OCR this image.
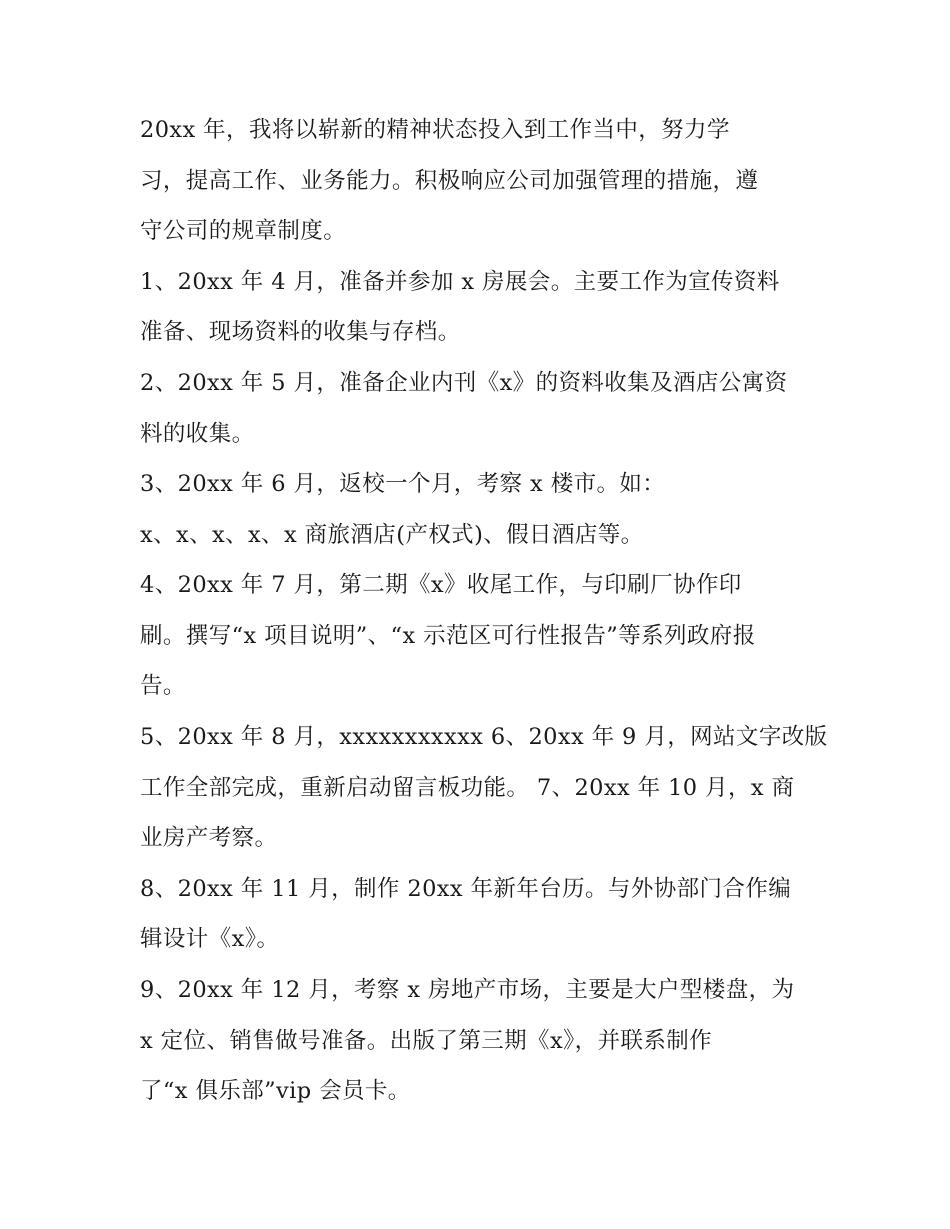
20xx 年，我将以崭新的精神状态投入到工作当中，努力学
习，提高工作、业务能力。积极响应公司加强管理的措施，遵
守公司的规章制度。
1、20xx 年 4 月，准备并参加 x 房展会。主要工作为宣传资料
准备、现场资料的收集与存档。
2、20xx 年 5 月，准备企业内刊《x》的资料收集及酒店公寓资
料的收集。
3、20xx 年 6 月，返校一个月，考察 x 楼市。如：
x、x、x、x、x 商旅酒店(产权式)、假日酒店等。
4、20xx 年 7 月，第二期《x》收尾工作，与印刷厂协作印
刷。撰写“x 项目说明”、“x 示范区可行性报告”等系列政府报
告。
5、20xx 年 8 月，xxxxxxxxxxx 6、20xx 年 9 月，网站文字改版
工作全部完成，重新启动留言板功能。 7、20xx 年 10 月，x 商
业房产考察。
8、20xx 年 11 月，制作 20xx 年新年台历。与外协部门合作编
辑设计《x》。
9、20xx 年 12 月，考察 x 房地产市场，主要是大户型楼盘，为
x 定位、销售做号准备。出版了第三期《x》，并联系制作
了“x 俱乐部”vip 会员卡。
